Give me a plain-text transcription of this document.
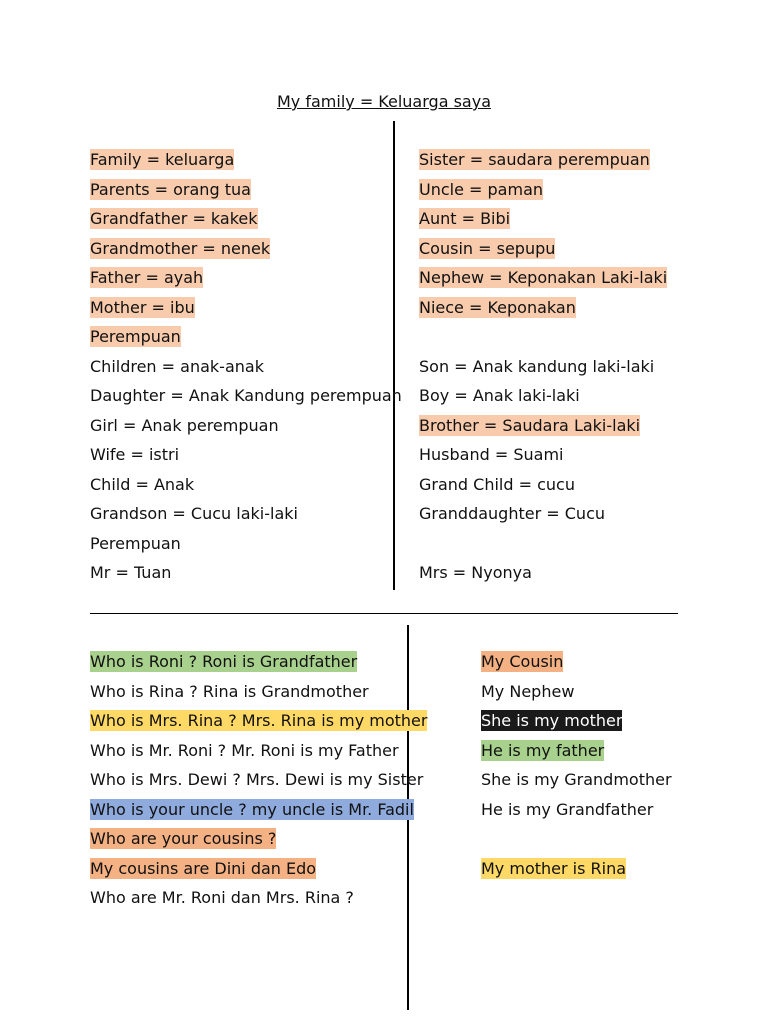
My family = Keluarga saya
Family = keluarga
Parents = orang tua
Grandfather = kakek
Grandmother = nenek
Father = ayah
Mother = ibu
Perempuan
Children = anak-anak
Daughter = Anak Kandung perempuan
Girl = Anak perempuan
Wife = istri
Child = Anak
Grandson = Cucu laki-laki
Perempuan
Mr = Tuan
Sister = saudara perempuan
Uncle = paman
Aunt = Bibi
Cousin = sepupu
Nephew = Keponakan Laki-laki
Niece = Keponakan
Son = Anak kandung laki-laki
Boy = Anak laki-laki
Brother = Saudara Laki-laki
Husband = Suami
Grand Child = cucu
Granddaughter = Cucu
Mrs = Nyonya
Who is Roni ? Roni is Grandfather
Who is Rina ? Rina is Grandmother
Who is Mrs. Rina ? Mrs. Rina is my mother
Who is Mr. Roni ? Mr. Roni is my Father
Who is Mrs. Dewi ? Mrs. Dewi is my Sister
Who is your uncle ? my uncle is Mr. Fadil
Who are your cousins ?
My cousins are Dini dan Edo
Who are Mr. Roni dan Mrs. Rina ?
My Cousin
My Nephew
She is my mother
He is my father
She is my Grandmother
He is my Grandfather
My mother is Rina
